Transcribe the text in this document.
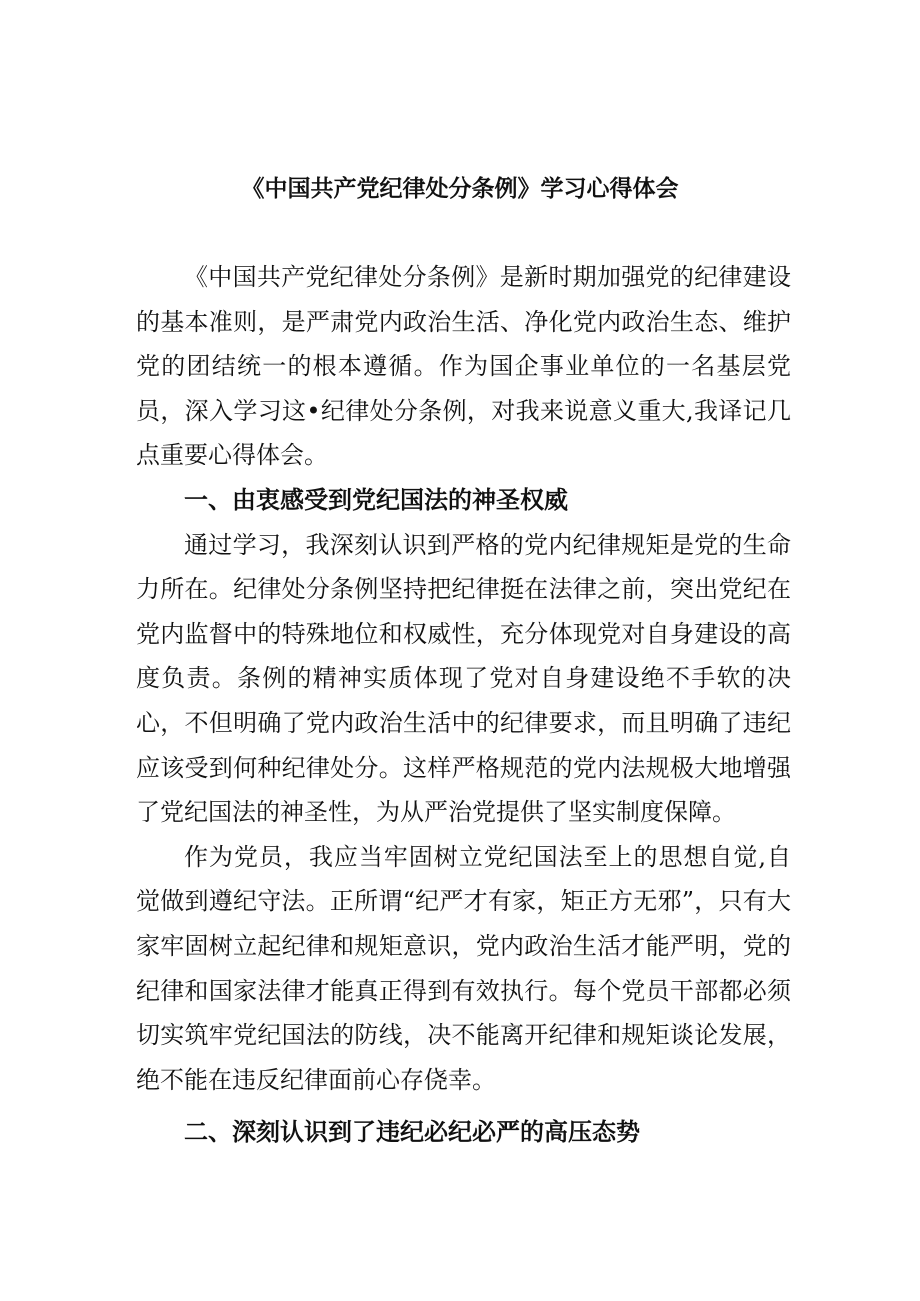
《中国共产党纪律处分条例》学习心得体会

《中国共产党纪律处分条例》是新时期加强党的纪律建设的基本准则，是严肃党内政治生活、净化党内政治生态、维护党的团结统一的根本遵循。作为国企事业单位的一名基层党员，深入学习这•纪律处分条例，对我来说意义重大,我译记几点重要心得体会。

一、由衷感受到党纪国法的神圣权威

通过学习，我深刻认识到严格的党内纪律规矩是党的生命力所在。纪律处分条例坚持把纪律挺在法律之前，突出党纪在党内监督中的特殊地位和权威性，充分体现党对自身建设的高度负责。条例的精神实质体现了党对自身建设绝不手软的决心，不但明确了党内政治生活中的纪律要求，而且明确了违纪应该受到何种纪律处分。这样严格规范的党内法规极大地增强了党纪国法的神圣性，为从严治党提供了坚实制度保障。

作为党员，我应当牢固树立党纪国法至上的思想自觉,自觉做到遵纪守法。正所谓“纪严才有家，矩正方无邪”，只有大家牢固树立起纪律和规矩意识，党内政治生活才能严明，党的纪律和国家法律才能真正得到有效执行。每个党员干部都必须切实筑牢党纪国法的防线，决不能离开纪律和规矩谈论发展，绝不能在违反纪律面前心存侥幸。

二、深刻认识到了违纪必纪必严的高压态势
